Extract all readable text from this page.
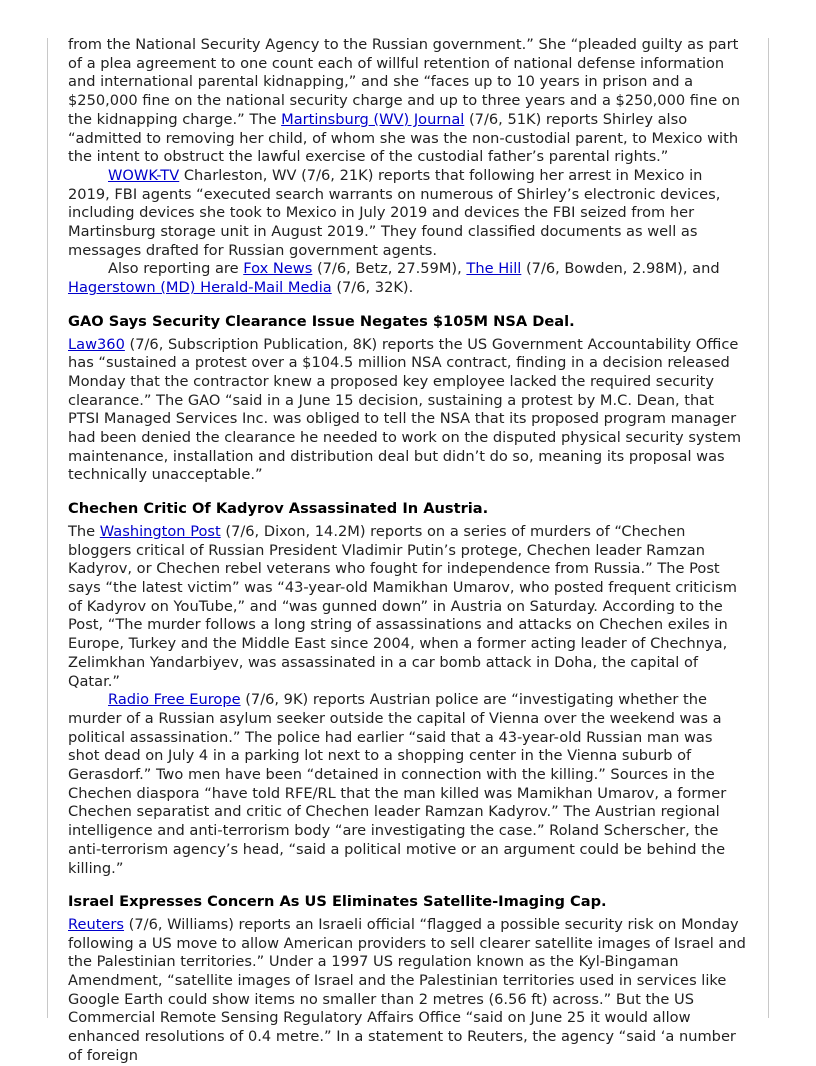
from the National Security Agency to the Russian government.” She “pleaded guilty as part of a plea agreement to one count each of willful retention of national defense information and international parental kidnapping,” and she “faces up to 10 years in prison and a $250,000 fine on the national security charge and up to three years and a $250,000 fine on the kidnapping charge.” The Martinsburg (WV) Journal (7/6, 51K) reports Shirley also “admitted to removing her child, of whom she was the non-custodial parent, to Mexico with the intent to obstruct the lawful exercise of the custodial father’s parental rights.”

WOWK-TV Charleston, WV (7/6, 21K) reports that following her arrest in Mexico in 2019, FBI agents “executed search warrants on numerous of Shirley’s electronic devices, including devices she took to Mexico in July 2019 and devices the FBI seized from her Martinsburg storage unit in August 2019.” They found classified documents as well as messages drafted for Russian government agents.

Also reporting are Fox News (7/6, Betz, 27.59M), The Hill (7/6, Bowden, 2.98M), and Hagerstown (MD) Herald-Mail Media (7/6, 32K).

GAO Says Security Clearance Issue Negates $105M NSA Deal.

Law360 (7/6, Subscription Publication, 8K) reports the US Government Accountability Office has “sustained a protest over a $104.5 million NSA contract, finding in a decision released Monday that the contractor knew a proposed key employee lacked the required security clearance.” The GAO “said in a June 15 decision, sustaining a protest by M.C. Dean, that PTSI Managed Services Inc. was obliged to tell the NSA that its proposed program manager had been denied the clearance he needed to work on the disputed physical security system maintenance, installation and distribution deal but didn’t do so, meaning its proposal was technically unacceptable.”

Chechen Critic Of Kadyrov Assassinated In Austria.

The Washington Post (7/6, Dixon, 14.2M) reports on a series of murders of “Chechen bloggers critical of Russian President Vladimir Putin’s protege, Chechen leader Ramzan Kadyrov, or Chechen rebel veterans who fought for independence from Russia.” The Post says “the latest victim” was “43-year-old Mamikhan Umarov, who posted frequent criticism of Kadyrov on YouTube,” and “was gunned down” in Austria on Saturday. According to the Post, “The murder follows a long string of assassinations and attacks on Chechen exiles in Europe, Turkey and the Middle East since 2004, when a former acting leader of Chechnya, Zelimkhan Yandarbiyev, was assassinated in a car bomb attack in Doha, the capital of Qatar.”

Radio Free Europe (7/6, 9K) reports Austrian police are “investigating whether the murder of a Russian asylum seeker outside the capital of Vienna over the weekend was a political assassination.” The police had earlier “said that a 43-year-old Russian man was shot dead on July 4 in a parking lot next to a shopping center in the Vienna suburb of Gerasdorf.” Two men have been “detained in connection with the killing.” Sources in the Chechen diaspora “have told RFE/RL that the man killed was Mamikhan Umarov, a former Chechen separatist and critic of Chechen leader Ramzan Kadyrov.” The Austrian regional intelligence and anti-terrorism body “are investigating the case.” Roland Scherscher, the anti-terrorism agency’s head, “said a political motive or an argument could be behind the killing.”

Israel Expresses Concern As US Eliminates Satellite-Imaging Cap.

Reuters (7/6, Williams) reports an Israeli official “flagged a possible security risk on Monday following a US move to allow American providers to sell clearer satellite images of Israel and the Palestinian territories.” Under a 1997 US regulation known as the Kyl-Bingaman Amendment, “satellite images of Israel and the Palestinian territories used in services like Google Earth could show items no smaller than 2 metres (6.56 ft) across.” But the US Commercial Remote Sensing Regulatory Affairs Office “said on June 25 it would allow enhanced resolutions of 0.4 metre.” In a statement to Reuters, the agency “said ‘a number of foreign
